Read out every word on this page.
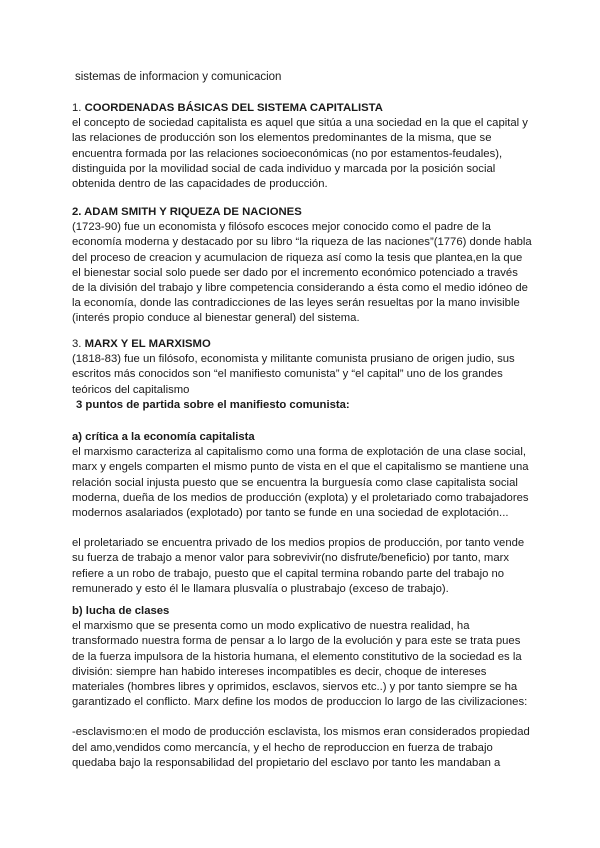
sistemas de informacion y comunicacion
1. COORDENADAS BÁSICAS DEL SISTEMA CAPITALISTA

el concepto de sociedad capitalista es aquel que sitúa a una sociedad en la que el capital y las relaciones de producción son los elementos predominantes de la misma, que se encuentra formada por las relaciones socioeconómicas (no por estamentos-feudales), distinguida por la movilidad social de cada individuo y marcada por la posición social obtenida dentro de las capacidades de producción.

2. ADAM SMITH Y RIQUEZA DE NACIONES

(1723-90) fue un economista y filósofo escoces mejor conocido como el padre de la economía moderna y destacado por su libro “la riqueza de las naciones”(1776) donde habla del proceso de creacion y acumulacion de riqueza así como la tesis que plantea,en la que el bienestar social solo puede ser dado por el incremento económico potenciado a través de la división del trabajo y libre competencia considerando a ésta como el medio idóneo de la economía, donde las contradicciones de las leyes serán resueltas por la mano invisible (interés propio conduce al bienestar general) del sistema.

3. MARX Y EL MARXISMO

(1818-83) fue un filósofo, economista y militante comunista prusiano de origen judio, sus escritos más conocidos son “el manifiesto comunista” y “el capital” uno de los grandes teóricos del capitalismo

3 puntos de partida sobre el manifiesto comunista:
a) crítica a la economía capitalista

el marxismo caracteriza al capitalismo como una forma de explotación de una clase social, marx y engels comparten el mismo punto de vista en el que el capitalismo se mantiene una relación social injusta puesto que se encuentra la burguesía como clase capitalista social moderna, dueña de los medios de producción (explota) y el proletariado como trabajadores modernos asalariados (explotado) por tanto se funde en una sociedad de explotación...

el proletariado se encuentra privado de los medios propios de producción, por tanto vende su fuerza de trabajo a menor valor para sobrevivir(no disfrute/beneficio) por tanto, marx refiere a un robo de trabajo, puesto que el capital termina robando parte del trabajo no remunerado y esto él le llamara plusvalía o plustrabajo (exceso de trabajo).

b) lucha de clases

el marxismo que se presenta como un modo explicativo de nuestra realidad, ha transformado nuestra forma de pensar a lo largo de la evolución y para este se trata pues de la fuerza impulsora de la historia humana, el elemento constitutivo de la sociedad es la división: siempre han habido intereses incompatibles es decir, choque de intereses materiales (hombres libres y oprimidos, esclavos, siervos etc..) y por tanto siempre se ha garantizado el conflicto. Marx define los modos de produccion lo largo de las civilizaciones:

-esclavismo:en el modo de producción esclavista, los mismos eran considerados propiedad del amo,vendidos como mercancía, y el hecho de reproduccion en fuerza de trabajo quedaba bajo la responsabilidad del propietario del esclavo por tanto les mandaban a
